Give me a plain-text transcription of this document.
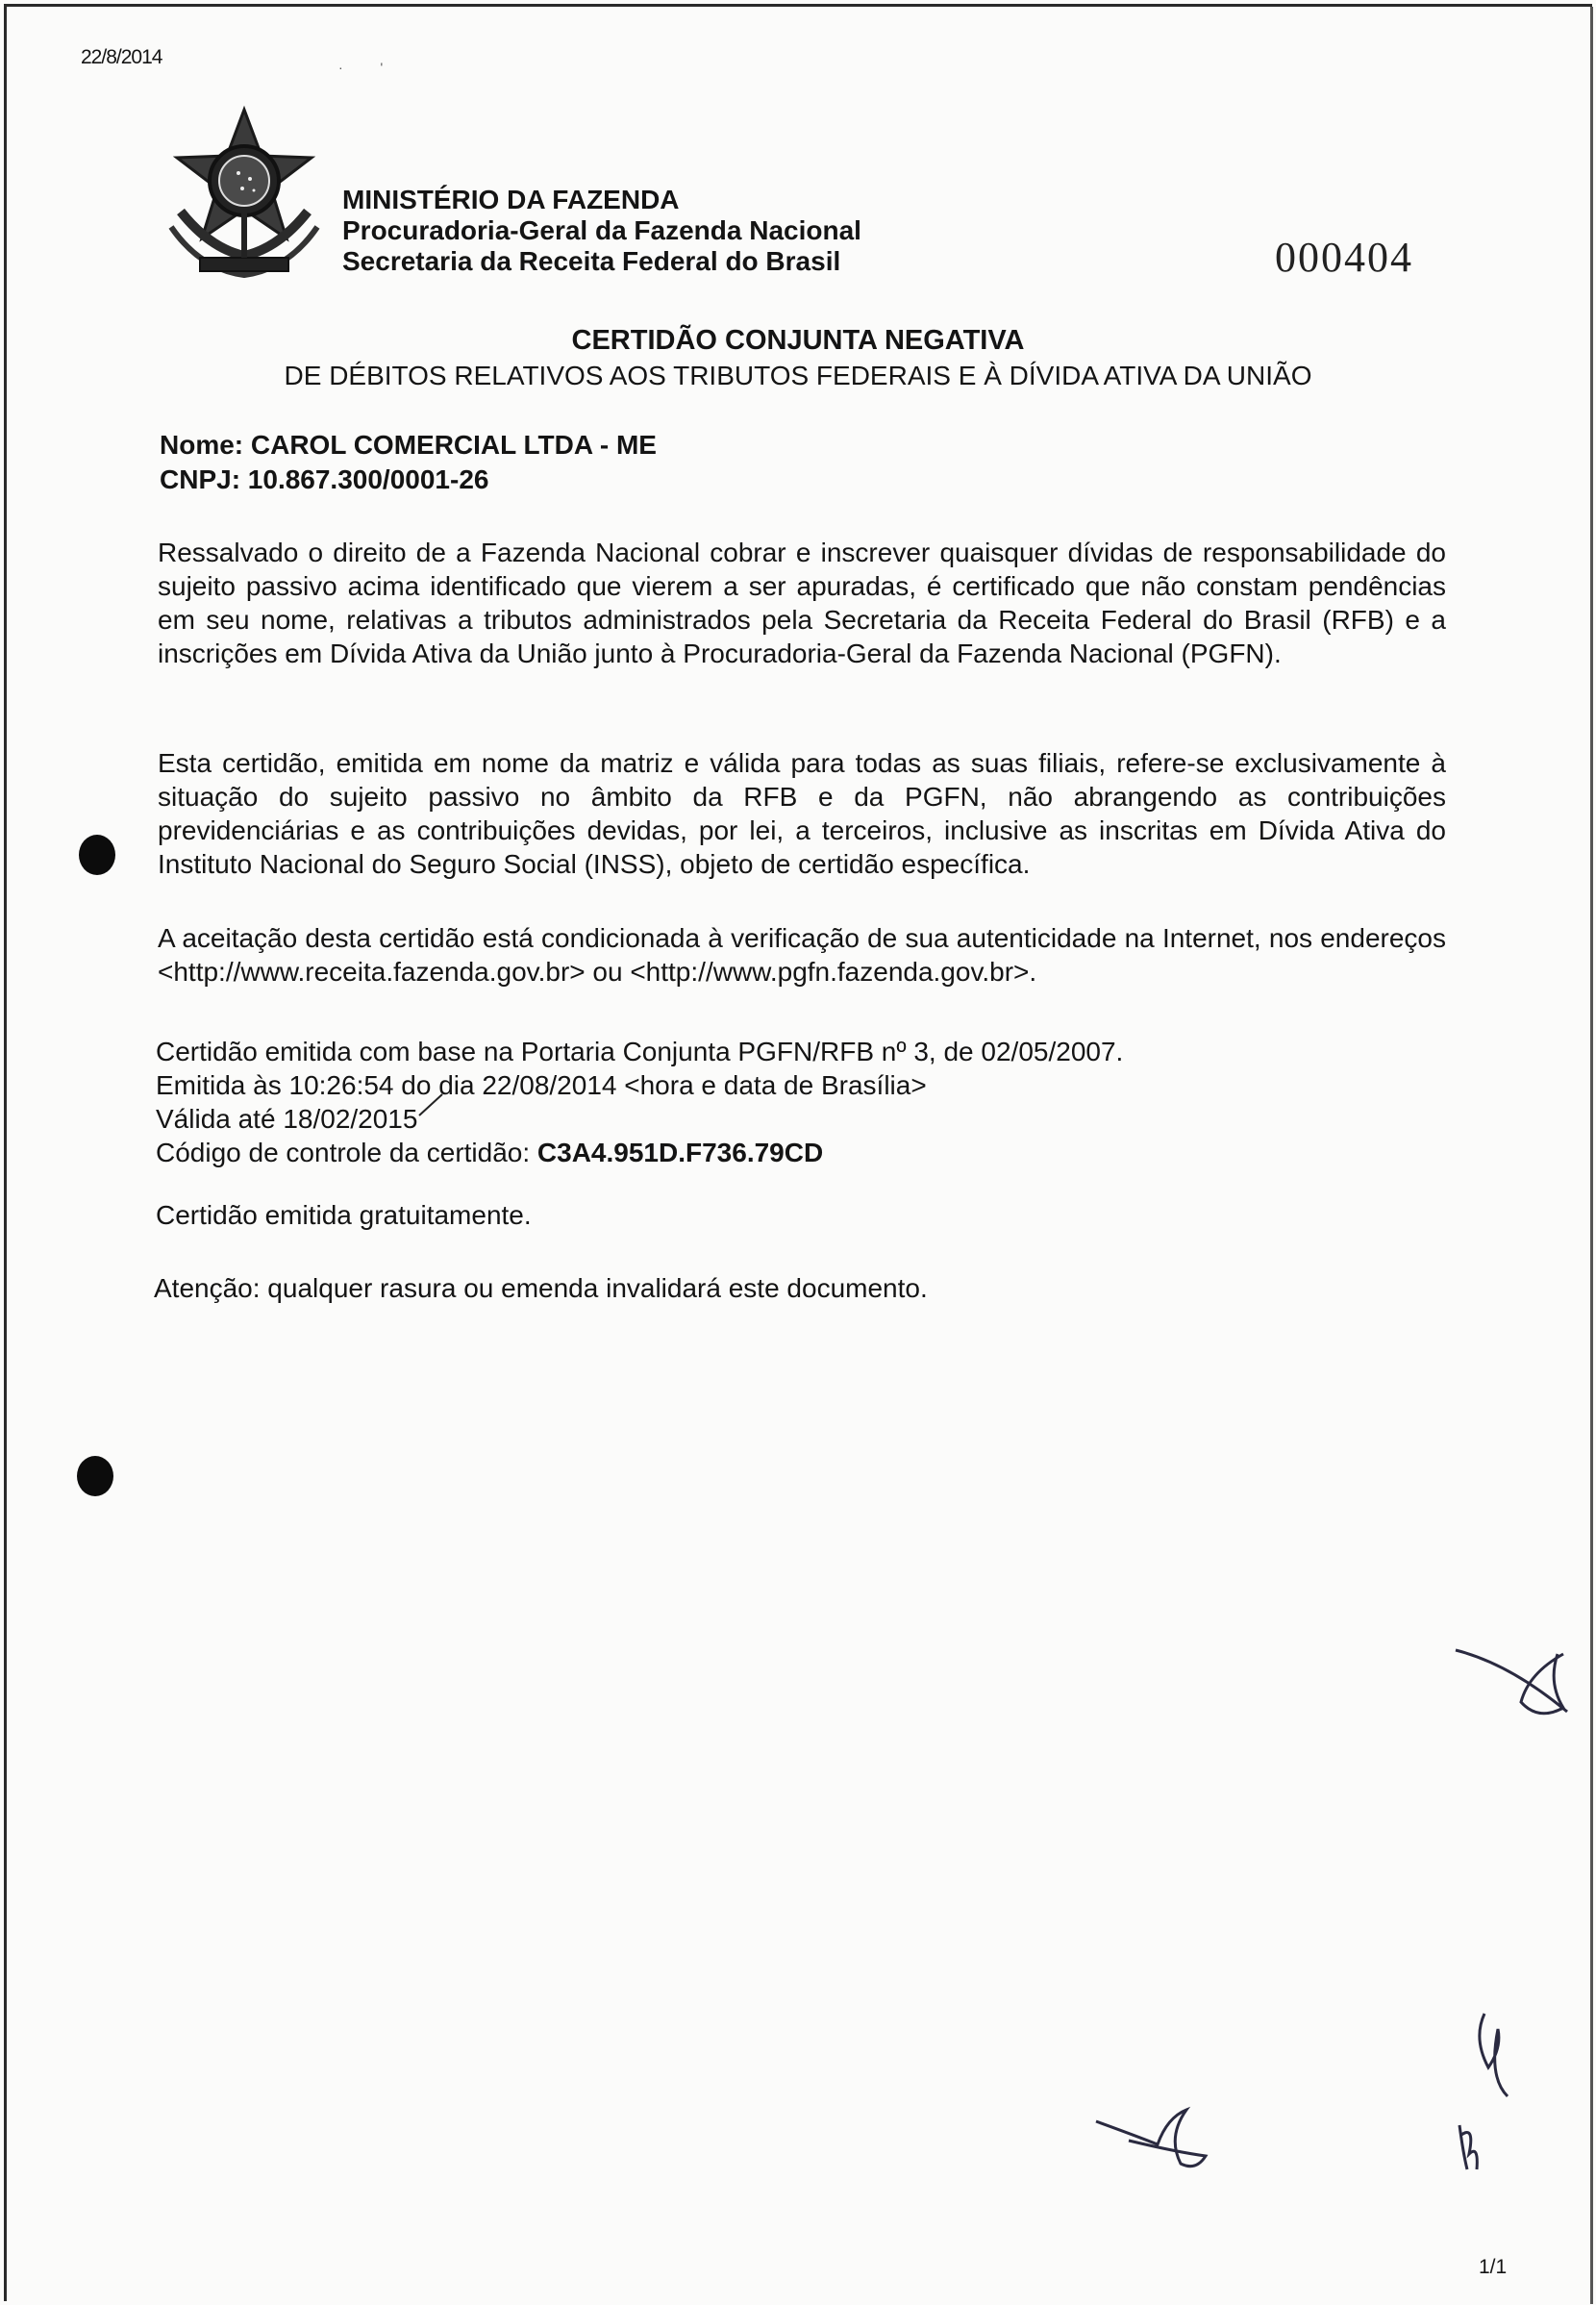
22/8/2014	·          '
MINISTÉRIO DA FAZENDA
Procuradoria-Geral da Fazenda Nacional
Secretaria da Receita Federal do Brasil	000404
CERTIDÃO CONJUNTA NEGATIVA
DE DÉBITOS RELATIVOS AOS TRIBUTOS FEDERAIS E À DÍVIDA ATIVA DA UNIÃO
Nome: CAROL COMERCIAL LTDA - ME
CNPJ: 10.867.300/0001-26

Ressalvado o direito de a Fazenda Nacional cobrar e inscrever quaisquer dívidas de responsabilidade do sujeito passivo acima identificado que vierem a ser apuradas, é certificado que não constam pendências em seu nome, relativas a tributos administrados pela Secretaria da Receita Federal do Brasil (RFB) e a inscrições em Dívida Ativa da União junto à Procuradoria-Geral da Fazenda Nacional (PGFN).

Esta certidão, emitida em nome da matriz e válida para todas as suas filiais, refere-se exclusivamente à situação do sujeito passivo no âmbito da RFB e da PGFN, não abrangendo as contribuições previdenciárias e as contribuições devidas, por lei, a terceiros, inclusive as inscritas em Dívida Ativa do Instituto Nacional do Seguro Social (INSS), objeto de certidão específica.

A aceitação desta certidão está condicionada à verificação de sua autenticidade na Internet, nos endereços <http://www.receita.fazenda.gov.br> ou <http://www.pgfn.fazenda.gov.br>.

Certidão emitida com base na Portaria Conjunta PGFN/RFB nº 3, de 02/05/2007.
Emitida às 10:26:54 do dia 22/08/2014 <hora e data de Brasília>
Válida até 18/02/2015
Código de controle da certidão: C3A4.951D.F736.79CD
Certidão emitida gratuitamente.
Atenção: qualquer rasura ou emenda invalidará este documento.
1/1
